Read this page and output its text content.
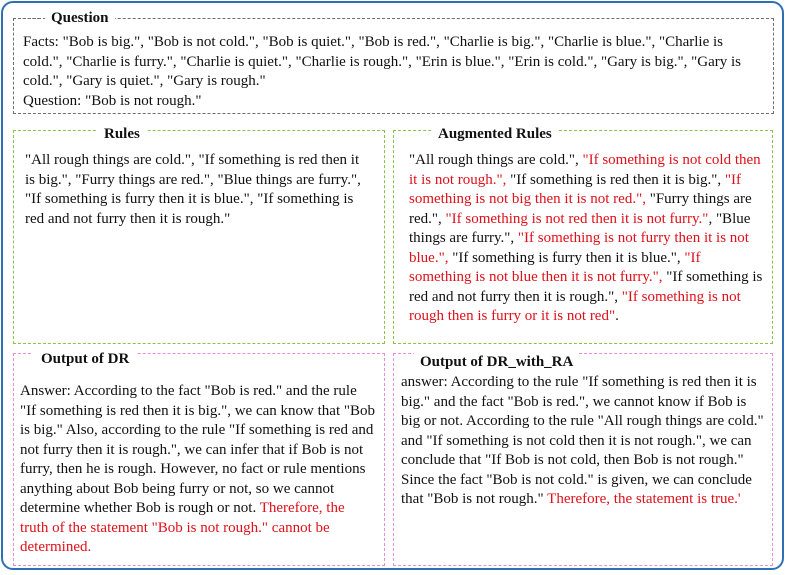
Question
Facts: "Bob is big.", "Bob is not cold.", "Bob is quiet.", "Bob is red.", "Charlie is big.", "Charlie is blue.", "Charlie is cold.", "Charlie is furry.", "Charlie is quiet.", "Charlie is rough.", "Erin is blue.", "Erin is cold.", "Gary is big.", "Gary is cold.", "Gary is quiet.", "Gary is rough."
Question: "Bob is not rough."
Rules
"All rough things are cold.", "If something is red then it is big.", "Furry things are red.", "Blue things are furry.", "If something is furry then it is blue.", "If something is red and not furry then it is rough."
Augmented Rules
"All rough things are cold.", "If something is not cold then it is not rough.", "If something is red then it is big.", "If something is not big then it is not red.", "Furry things are red.", "If something is not red then it is not furry.", "Blue things are furry.", "If something is not furry then it is not blue.", "If something is furry then it is blue.", "If something is not blue then it is not furry.", "If something is red and not furry then it is rough.", "If something is not rough then is furry or it is not red".
Output of DR
Answer: According to the fact "Bob is red." and the rule "If something is red then it is big.", we can know that "Bob is big." Also, according to the rule "If something is red and not furry then it is rough.", we can infer that if Bob is not furry, then he is rough. However, no fact or rule mentions anything about Bob being furry or not, so we cannot determine whether Bob is rough or not. Therefore, the truth of the statement "Bob is not rough." cannot be determined.
Output of DR_with_RA
answer: According to the rule "If something is red then it is big." and the fact "Bob is red.", we cannot know if Bob is big or not. According to the rule "All rough things are cold." and "If something is not cold then it is not rough.", we can conclude that "If Bob is not cold, then Bob is not rough." Since the fact "Bob is not cold." is given, we can conclude that "Bob is not rough." Therefore, the statement is true.'
